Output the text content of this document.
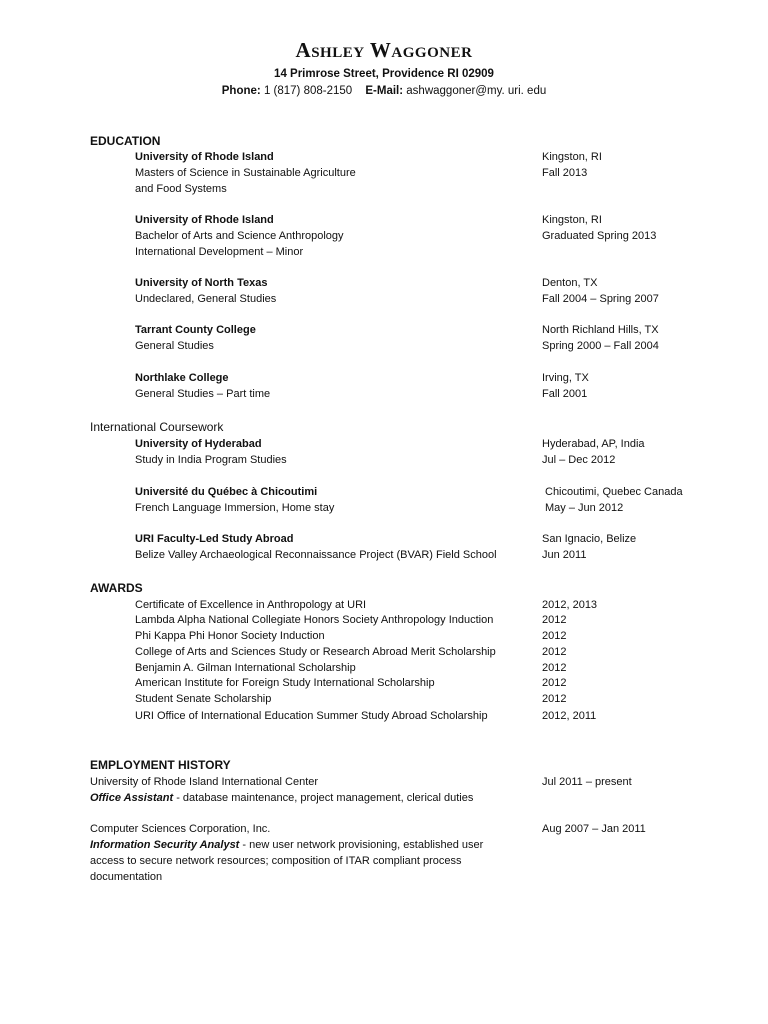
Ashley Waggoner
14 Primrose Street, Providence RI 02909
Phone: 1 (817) 808-2150 E-Mail: ashwaggoner@my. uri. edu
EDUCATION
University of Rhode Island	Kingston, RI
Masters of Science in Sustainable Agriculture	Fall 2013
and Food Systems
University of Rhode Island	Kingston, RI
Bachelor of Arts and Science Anthropology	Graduated Spring 2013
International Development – Minor
University of North Texas	Denton, TX
Undeclared, General Studies	Fall 2004 – Spring 2007
Tarrant County College	North Richland Hills, TX
General Studies	Spring 2000 – Fall 2004
Northlake College	Irving, TX
General Studies – Part time	Fall 2001
International Coursework
University of Hyderabad	Hyderabad, AP, India
Study in India Program Studies	Jul – Dec 2012
Université du Québec à Chicoutimi	Chicoutimi, Quebec Canada
French Language Immersion, Home stay	May – Jun 2012
URI Faculty-Led Study Abroad	San Ignacio, Belize
Belize Valley Archaeological Reconnaissance Project (BVAR) Field School	Jun 2011
AWARDS
Certificate of Excellence in Anthropology at URI	2012, 2013
Lambda Alpha National Collegiate Honors Society Anthropology Induction	2012
Phi Kappa Phi Honor Society Induction	2012
College of Arts and Sciences Study or Research Abroad Merit Scholarship	2012
Benjamin A. Gilman International Scholarship	2012
American Institute for Foreign Study International Scholarship	2012
Student Senate Scholarship	2012
URI Office of International Education Summer Study Abroad Scholarship	2012, 2011
EMPLOYMENT HISTORY
University of Rhode Island International Center	Jul 2011 – present
Office Assistant - database maintenance, project management, clerical duties
Computer Sciences Corporation, Inc.	Aug 2007 – Jan 2011
Information Security Analyst - new user network provisioning, established user
access to secure network resources; composition of ITAR compliant process
documentation
